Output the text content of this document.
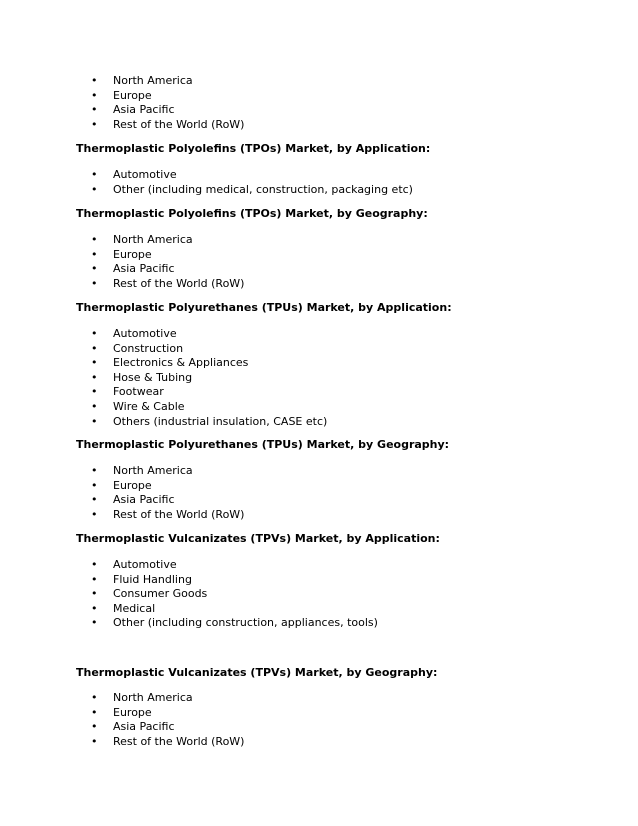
• North America
• Europe
• Asia Pacific
• Rest of the World (RoW)
Thermoplastic Polyolefins (TPOs) Market, by Application:
• Automotive
• Other (including medical, construction, packaging etc)
Thermoplastic Polyolefins (TPOs) Market, by Geography:
• North America
• Europe
• Asia Pacific
• Rest of the World (RoW)
Thermoplastic Polyurethanes (TPUs) Market, by Application:
• Automotive
• Construction
• Electronics & Appliances
• Hose & Tubing
• Footwear
• Wire & Cable
• Others (industrial insulation, CASE etc)
Thermoplastic Polyurethanes (TPUs) Market, by Geography:
• North America
• Europe
• Asia Pacific
• Rest of the World (RoW)
Thermoplastic Vulcanizates (TPVs) Market, by Application:
• Automotive
• Fluid Handling
• Consumer Goods
• Medical
• Other (including construction, appliances, tools)
Thermoplastic Vulcanizates (TPVs) Market, by Geography:
• North America
• Europe
• Asia Pacific
• Rest of the World (RoW)
